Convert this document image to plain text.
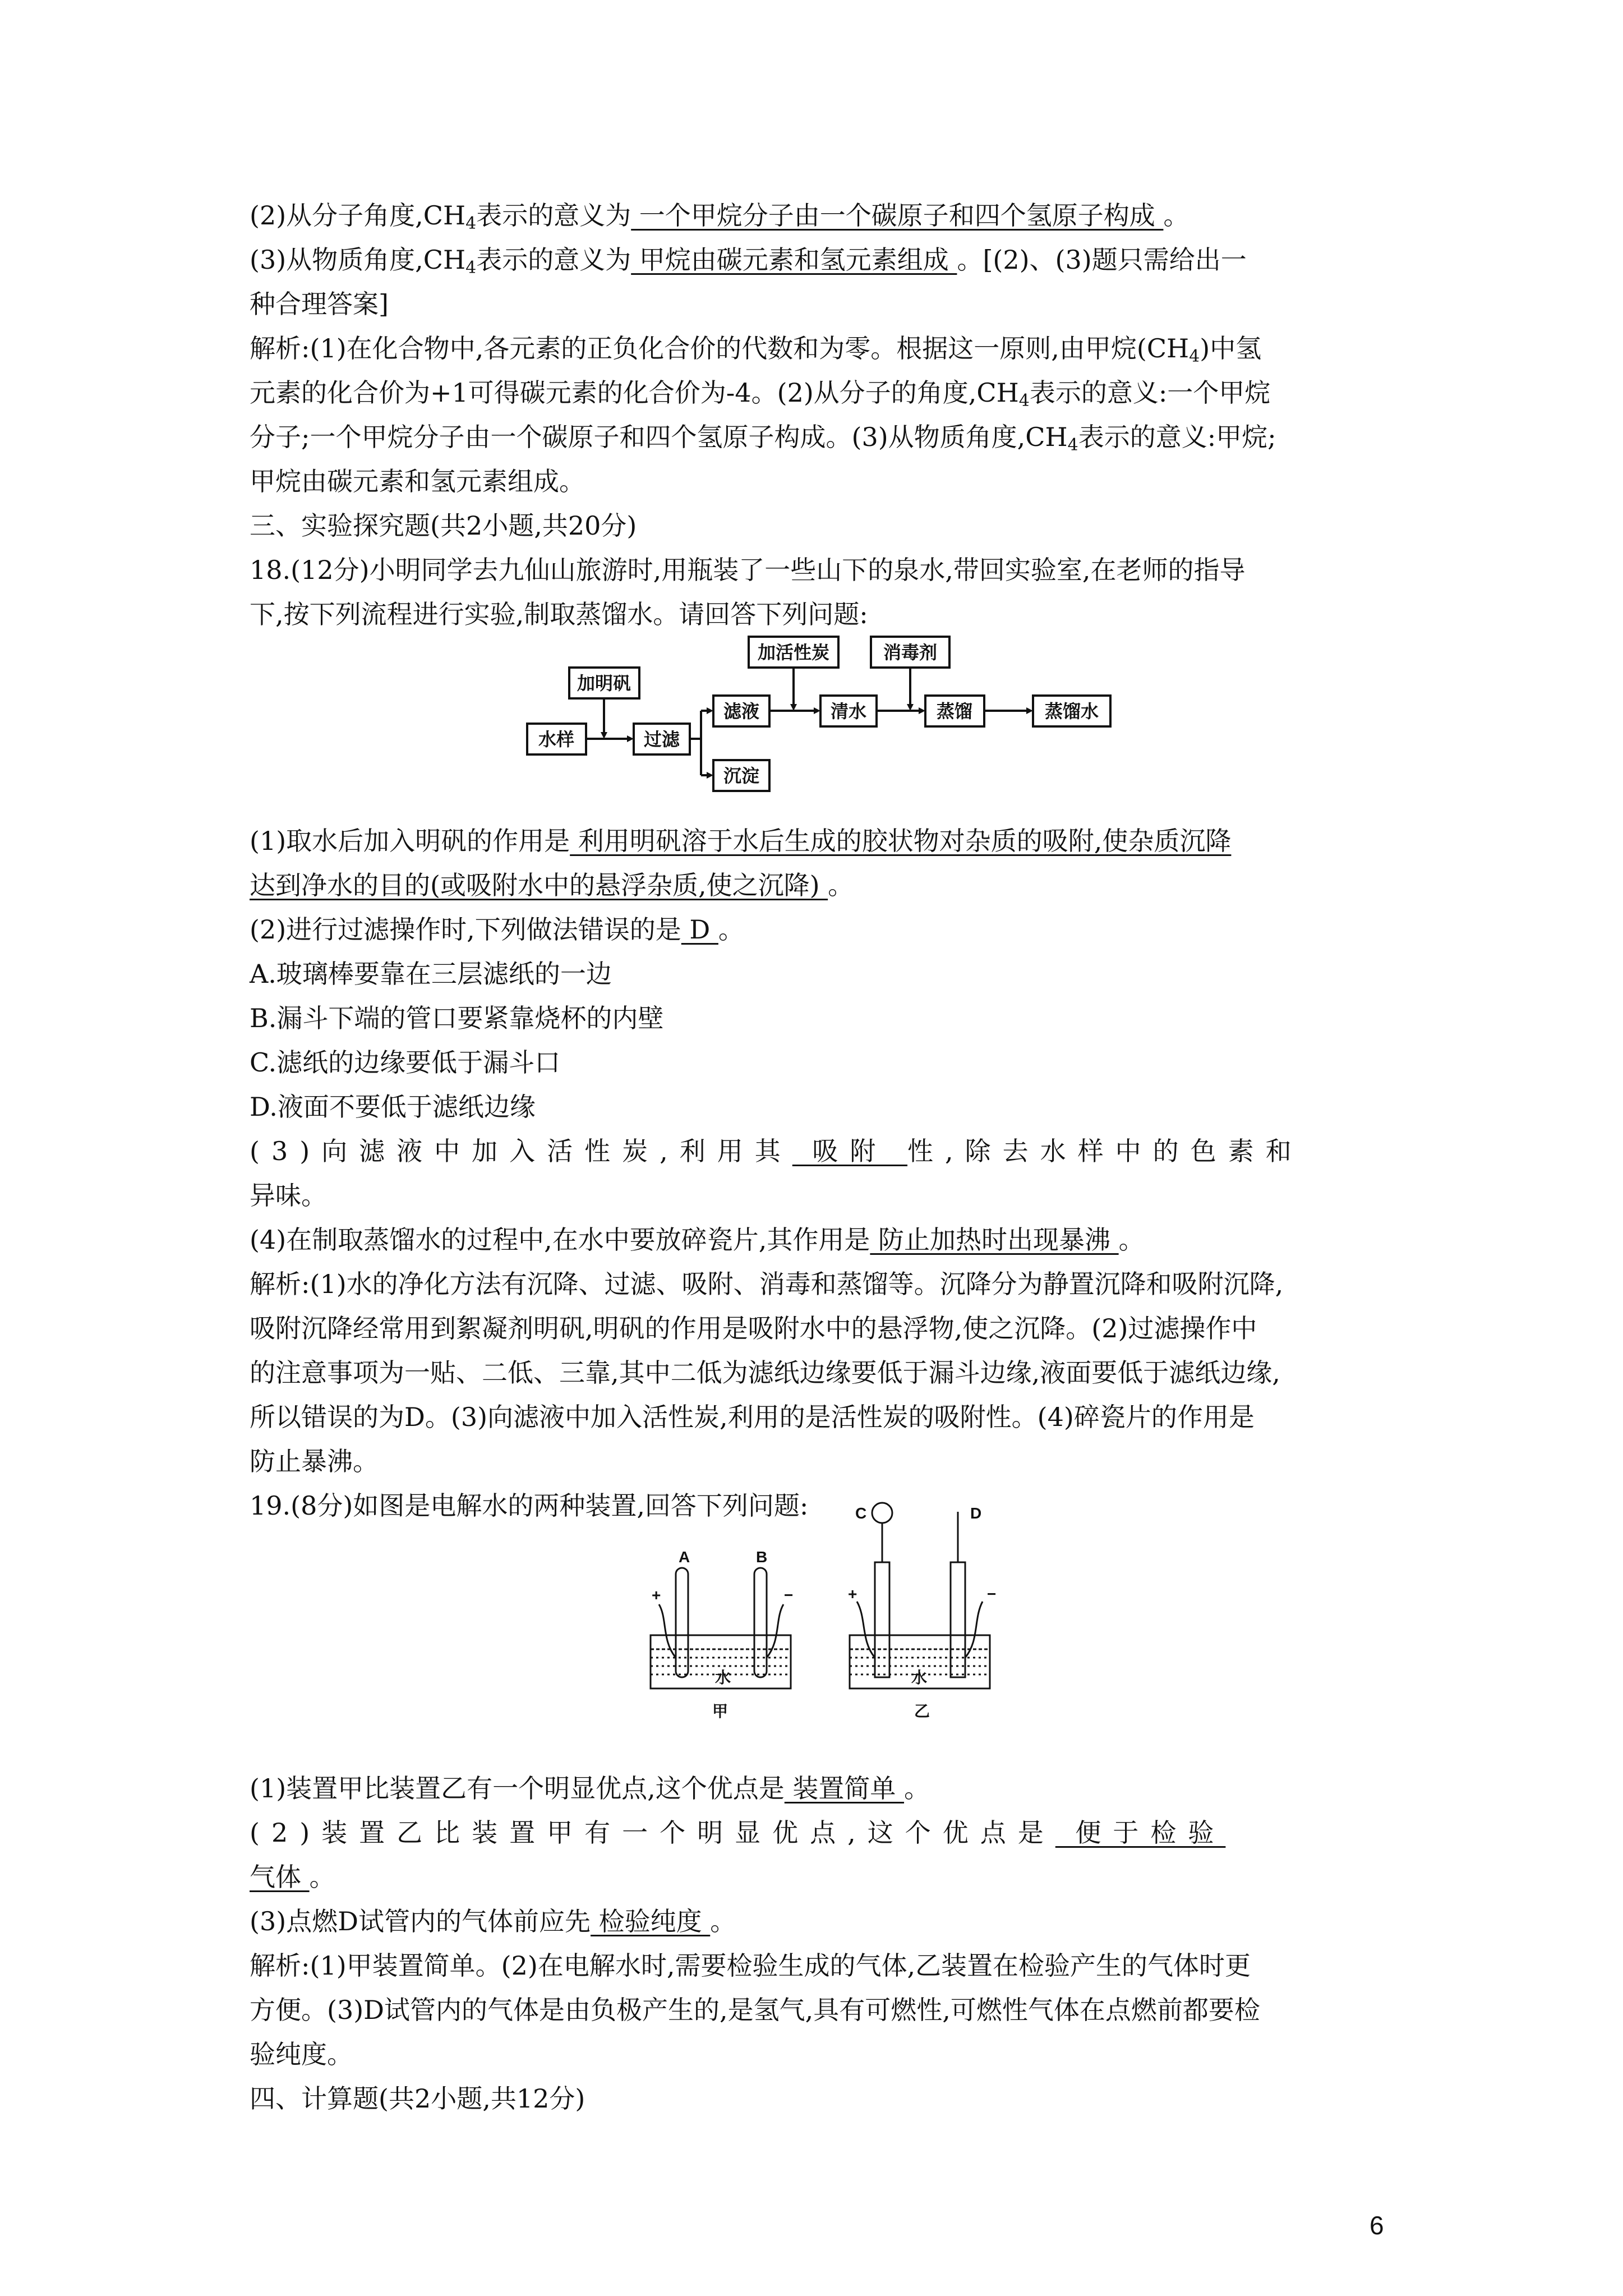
(2)从分子角度$,CH_4$表示的意义为 一个甲烷分子由一个碳原子和四个氢原子构成 。

(3)从物质角度$,CH_4$表示的意义为 甲烷由碳元素和氢元素组成 。[(2)、(3)题只需给出一

种合理答案]

解析:(1)在化合物中,各元素的正负化合价的代数和为零。根据这一原则,由甲烷$(CH_4)$中氢

元素的化合价为+1可得碳元素的化合价为-4。(2)从分子的角度$,CH_4$表示的意义:一个甲烷

分子;一个甲烷分子由一个碳原子和四个氢原子构成。(3)从物质角度$,CH_4$表示的意义:甲烷;

甲烷由碳元素和氢元素组成。

三、实验探究题(共2小题,共20分)

18.(12分)小明同学去九仙山旅游时,用瓶装了一些山下的泉水,带回实验室,在老师的指导

下,按下列流程进行实验,制取蒸馏水。请回答下列问题:

(1)取水后加入明矾的作用是 利用明矾溶于水后生成的胶状物对杂质的吸附,使杂质沉降

达到净水的目的(或吸附水中的悬浮杂质,使之沉降) 。

(2)进行过滤操作时,下列做法错误的是 D 。

A.玻璃棒要靠在三层滤纸的一边

B.漏斗下端的管口要紧靠烧杯的内壁

C.滤纸的边缘要低于漏斗口

D.液面不要低于滤纸边缘

(3)向滤液中加入活性炭,利用其 吸附 性,除去水样中的色素和

异味。

(4)在制取蒸馏水的过程中,在水中要放碎瓷片,其作用是 防止加热时出现暴沸 。

解析:(1)水的净化方法有沉降、过滤、吸附、消毒和蒸馏等。沉降分为静置沉降和吸附沉降,

吸附沉降经常用到絮凝剂明矾,明矾的作用是吸附水中的悬浮物,使之沉降。(2)过滤操作中

的注意事项为一贴、二低、三靠,其中二低为滤纸边缘要低于漏斗边缘,液面要低于滤纸边缘,

所以错误的为D。(3)向滤液中加入活性炭,利用的是活性炭的吸附性。(4)碎瓷片的作用是

防止暴沸。

19.(8分)如图是电解水的两种装置,回答下列问题:

(1)装置甲比装置乙有一个明显优点,这个优点是 装置简单 。

(2)装置乙比装置甲有一个明显优点,这个优点是 便于检验

气体 。

(3)点燃D试管内的气体前应先 检验纯度 。

解析:(1)甲装置简单。(2)在电解水时,需要检验生成的气体,乙装置在检验产生的气体时更

方便。(3)D试管内的气体是由负极产生的,是氢气,具有可燃性,可燃性气体在点燃前都要检

验纯度。

四、计算题(共2小题,共12分)

加明矾
水样	过滤
滤液
沉淀
加活性炭
清水
消毒剂
蒸馏	蒸馏水
A	B
+	−
水
甲
C	D
+	−
水
乙
6
